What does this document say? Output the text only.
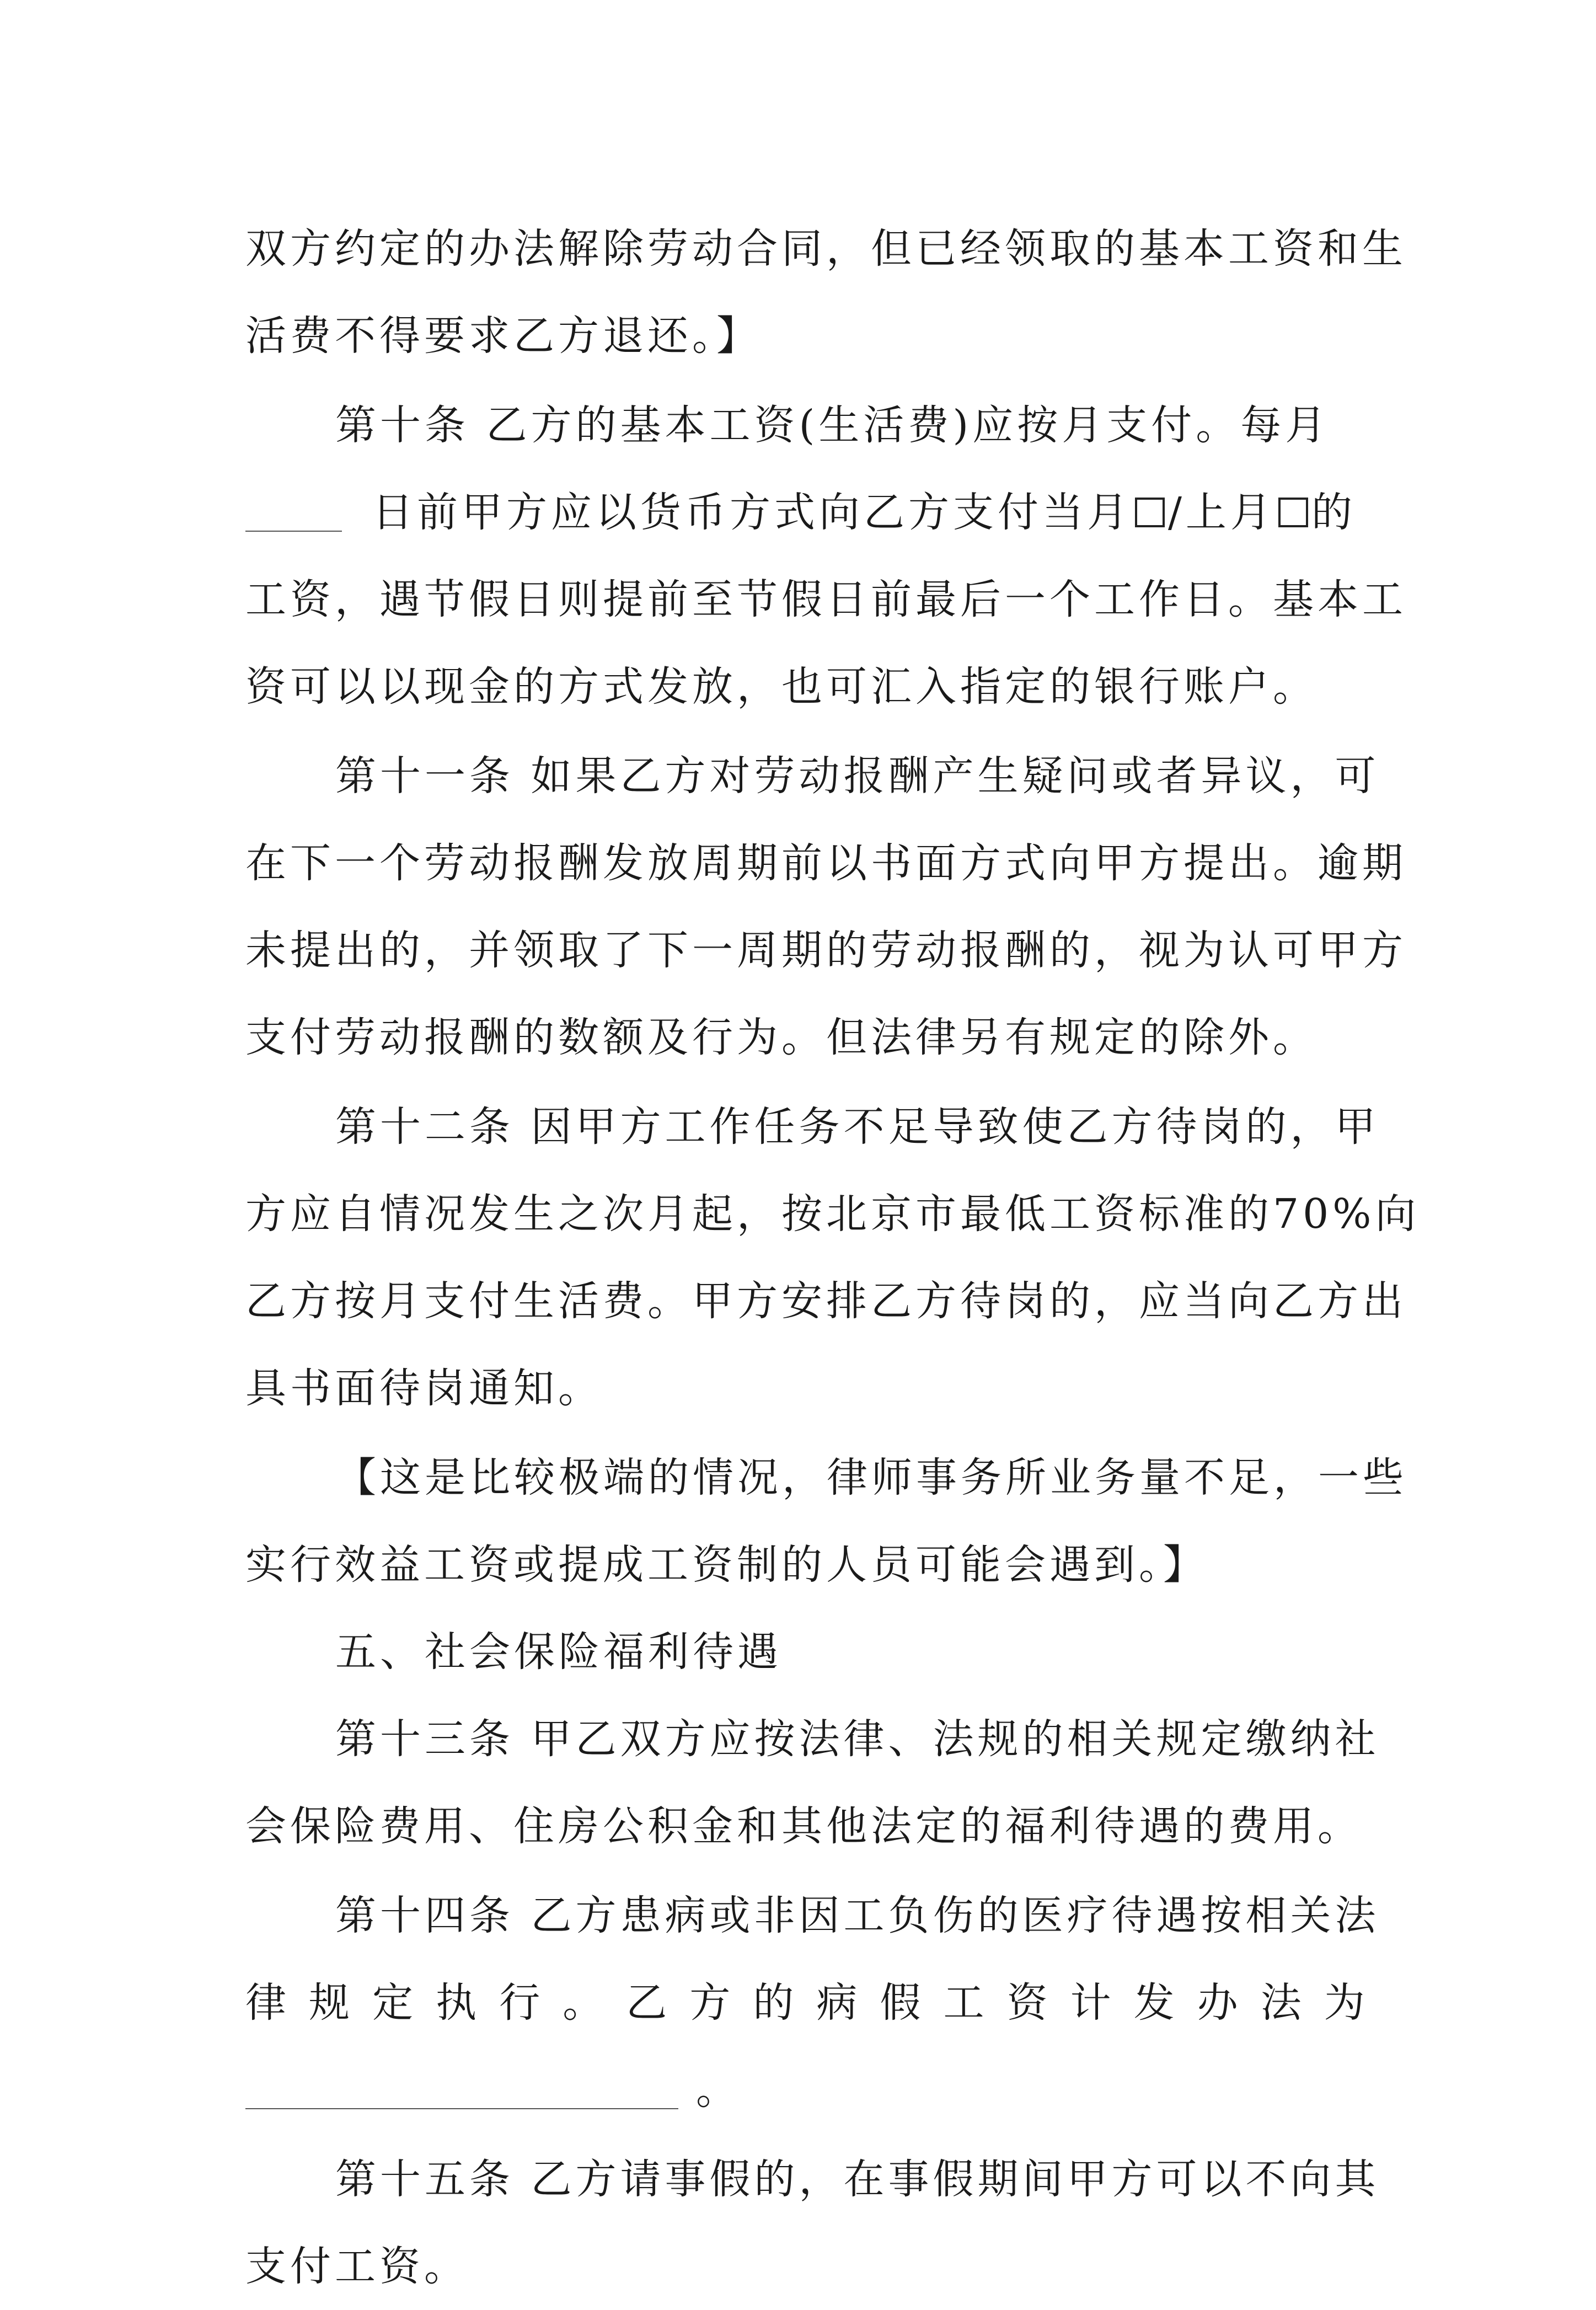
双方约定的办法解除劳动合同，但已经领取的基本工资和生
活费不得要求乙方退还。】
第十条 乙方的基本工资(生活费)应按月支付。每月
日前甲方应以货币方式向乙方支付当月 /上月 的
工资，遇节假日则提前至节假日前最后一个工作日。基本工
资可以以现金的方式发放，也可汇入指定的银行账户。
第十一条 如果乙方对劳动报酬产生疑问或者异议，可
在下一个劳动报酬发放周期前以书面方式向甲方提出。逾期
未提出的，并领取了下一周期的劳动报酬的，视为认可甲方
支付劳动报酬的数额及行为。但法律另有规定的除外。
第十二条 因甲方工作任务不足导致使乙方待岗的，甲
方应自情况发生之次月起，按北京市最低工资标准的70%向
乙方按月支付生活费。甲方安排乙方待岗的，应当向乙方出
具书面待岗通知。
【这是比较极端的情况，律师事务所业务量不足，一些
实行效益工资或提成工资制的人员可能会遇到。】
五、社会保险福利待遇
第十三条 甲乙双方应按法律、法规的相关规定缴纳社
会保险费用、住房公积金和其他法定的福利待遇的费用。
第十四条 乙方患病或非因工负伤的医疗待遇按相关法
律 规 定 执 行 。 乙 方 的 病 假 工 资 计 发 办 法 为
。
第十五条 乙方请事假的，在事假期间甲方可以不向其
支付工资。
